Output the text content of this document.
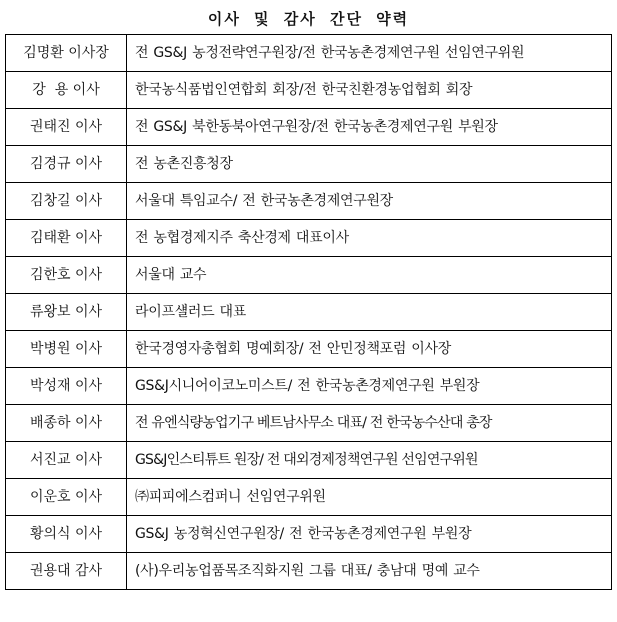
이사 및 감사 간단 약력
김명환 이사장	전 GS&J 농정전략연구원장/전 한국농촌경제연구원 선임연구위원
강  용 이사	한국농식품법인연합회 회장/전 한국친환경농업협회 회장
권태진 이사	전 GS&J 북한동북아연구원장/전 한국농촌경제연구원 부원장
김경규 이사	전 농촌진흥청장
김창길 이사	서울대 특임교수/ 전 한국농촌경제연구원장
김태환 이사	전 농협경제지주 축산경제 대표이사
김한호 이사	서울대 교수
류왕보 이사	라이프섈러드 대표
박병원 이사	한국경영자총협회 명예회장/ 전 안민정책포럼 이사장
박성재 이사	GS&J시니어이코노미스트/ 전 한국농촌경제연구원 부원장
배종하 이사	전 유엔식량농업기구 베트남사무소 대표/ 전 한국농수산대 총장
서진교 이사	GS&J인스티튜트 원장/ 전 대외경제정책연구원 선임연구위원
이운호 이사	㈜피피에스컴퍼니 선임연구위원
황의식 이사	GS&J 농정혁신연구원장/ 전 한국농촌경제연구원 부원장
권용대 감사	(사)우리농업품목조직화지원 그룹 대표/ 충남대 명예 교수
